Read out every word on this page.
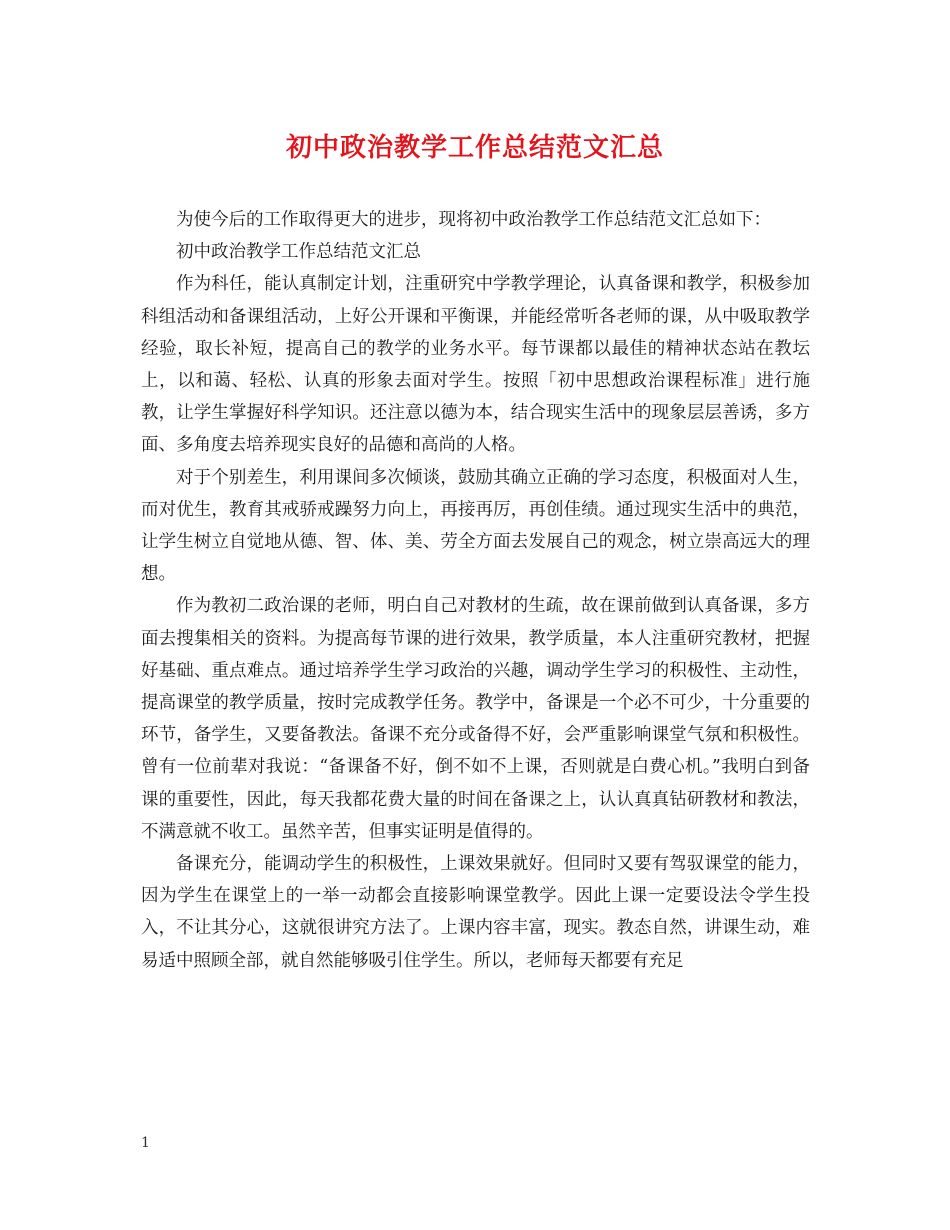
初中政治教学工作总结范文汇总

为使今后的工作取得更大的进步，现将初中政治教学工作总结范文汇总如下：

初中政治教学工作总结范文汇总

作为科任，能认真制定计划，注重研究中学教学理论，认真备课和教学，积极参加科组活动和备课组活动，上好公开课和平衡课，并能经常听各老师的课，从中吸取教学经验，取长补短，提高自己的教学的业务水平。每节课都以最佳的精神状态站在教坛上，以和蔼、轻松、认真的形象去面对学生。按照「初中思想政治课程标准」进行施教，让学生掌握好科学知识。还注意以德为本，结合现实生活中的现象层层善诱，多方面、多角度去培养现实良好的品德和高尚的人格。

对于个别差生，利用课间多次倾谈，鼓励其确立正确的学习态度，积极面对人生，而对优生，教育其戒骄戒躁努力向上，再接再厉，再创佳绩。通过现实生活中的典范，让学生树立自觉地从德、智、体、美、劳全方面去发展自己的观念，树立崇高远大的理想。

作为教初二政治课的老师，明白自己对教材的生疏，故在课前做到认真备课，多方面去搜集相关的资料。为提高每节课的进行效果，教学质量，本人注重研究教材，把握好基础、重点难点。通过培养学生学习政治的兴趣，调动学生学习的积极性、主动性，提高课堂的教学质量，按时完成教学任务。教学中，备课是一个必不可少，十分重要的环节，备学生，又要备教法。备课不充分或备得不好，会严重影响课堂气氛和积极性。曾有一位前辈对我说：“备课备不好，倒不如不上课，否则就是白费心机。”我明白到备课的重要性，因此，每天我都花费大量的时间在备课之上，认认真真钻研教材和教法，不满意就不收工。虽然辛苦，但事实证明是值得的。

备课充分，能调动学生的积极性，上课效果就好。但同时又要有驾驭课堂的能力，因为学生在课堂上的一举一动都会直接影响课堂教学。因此上课一定要设法令学生投入，不让其分心，这就很讲究方法了。上课内容丰富，现实。教态自然，讲课生动，难易适中照顾全部，就自然能够吸引住学生。所以，老师每天都要有充足

1
